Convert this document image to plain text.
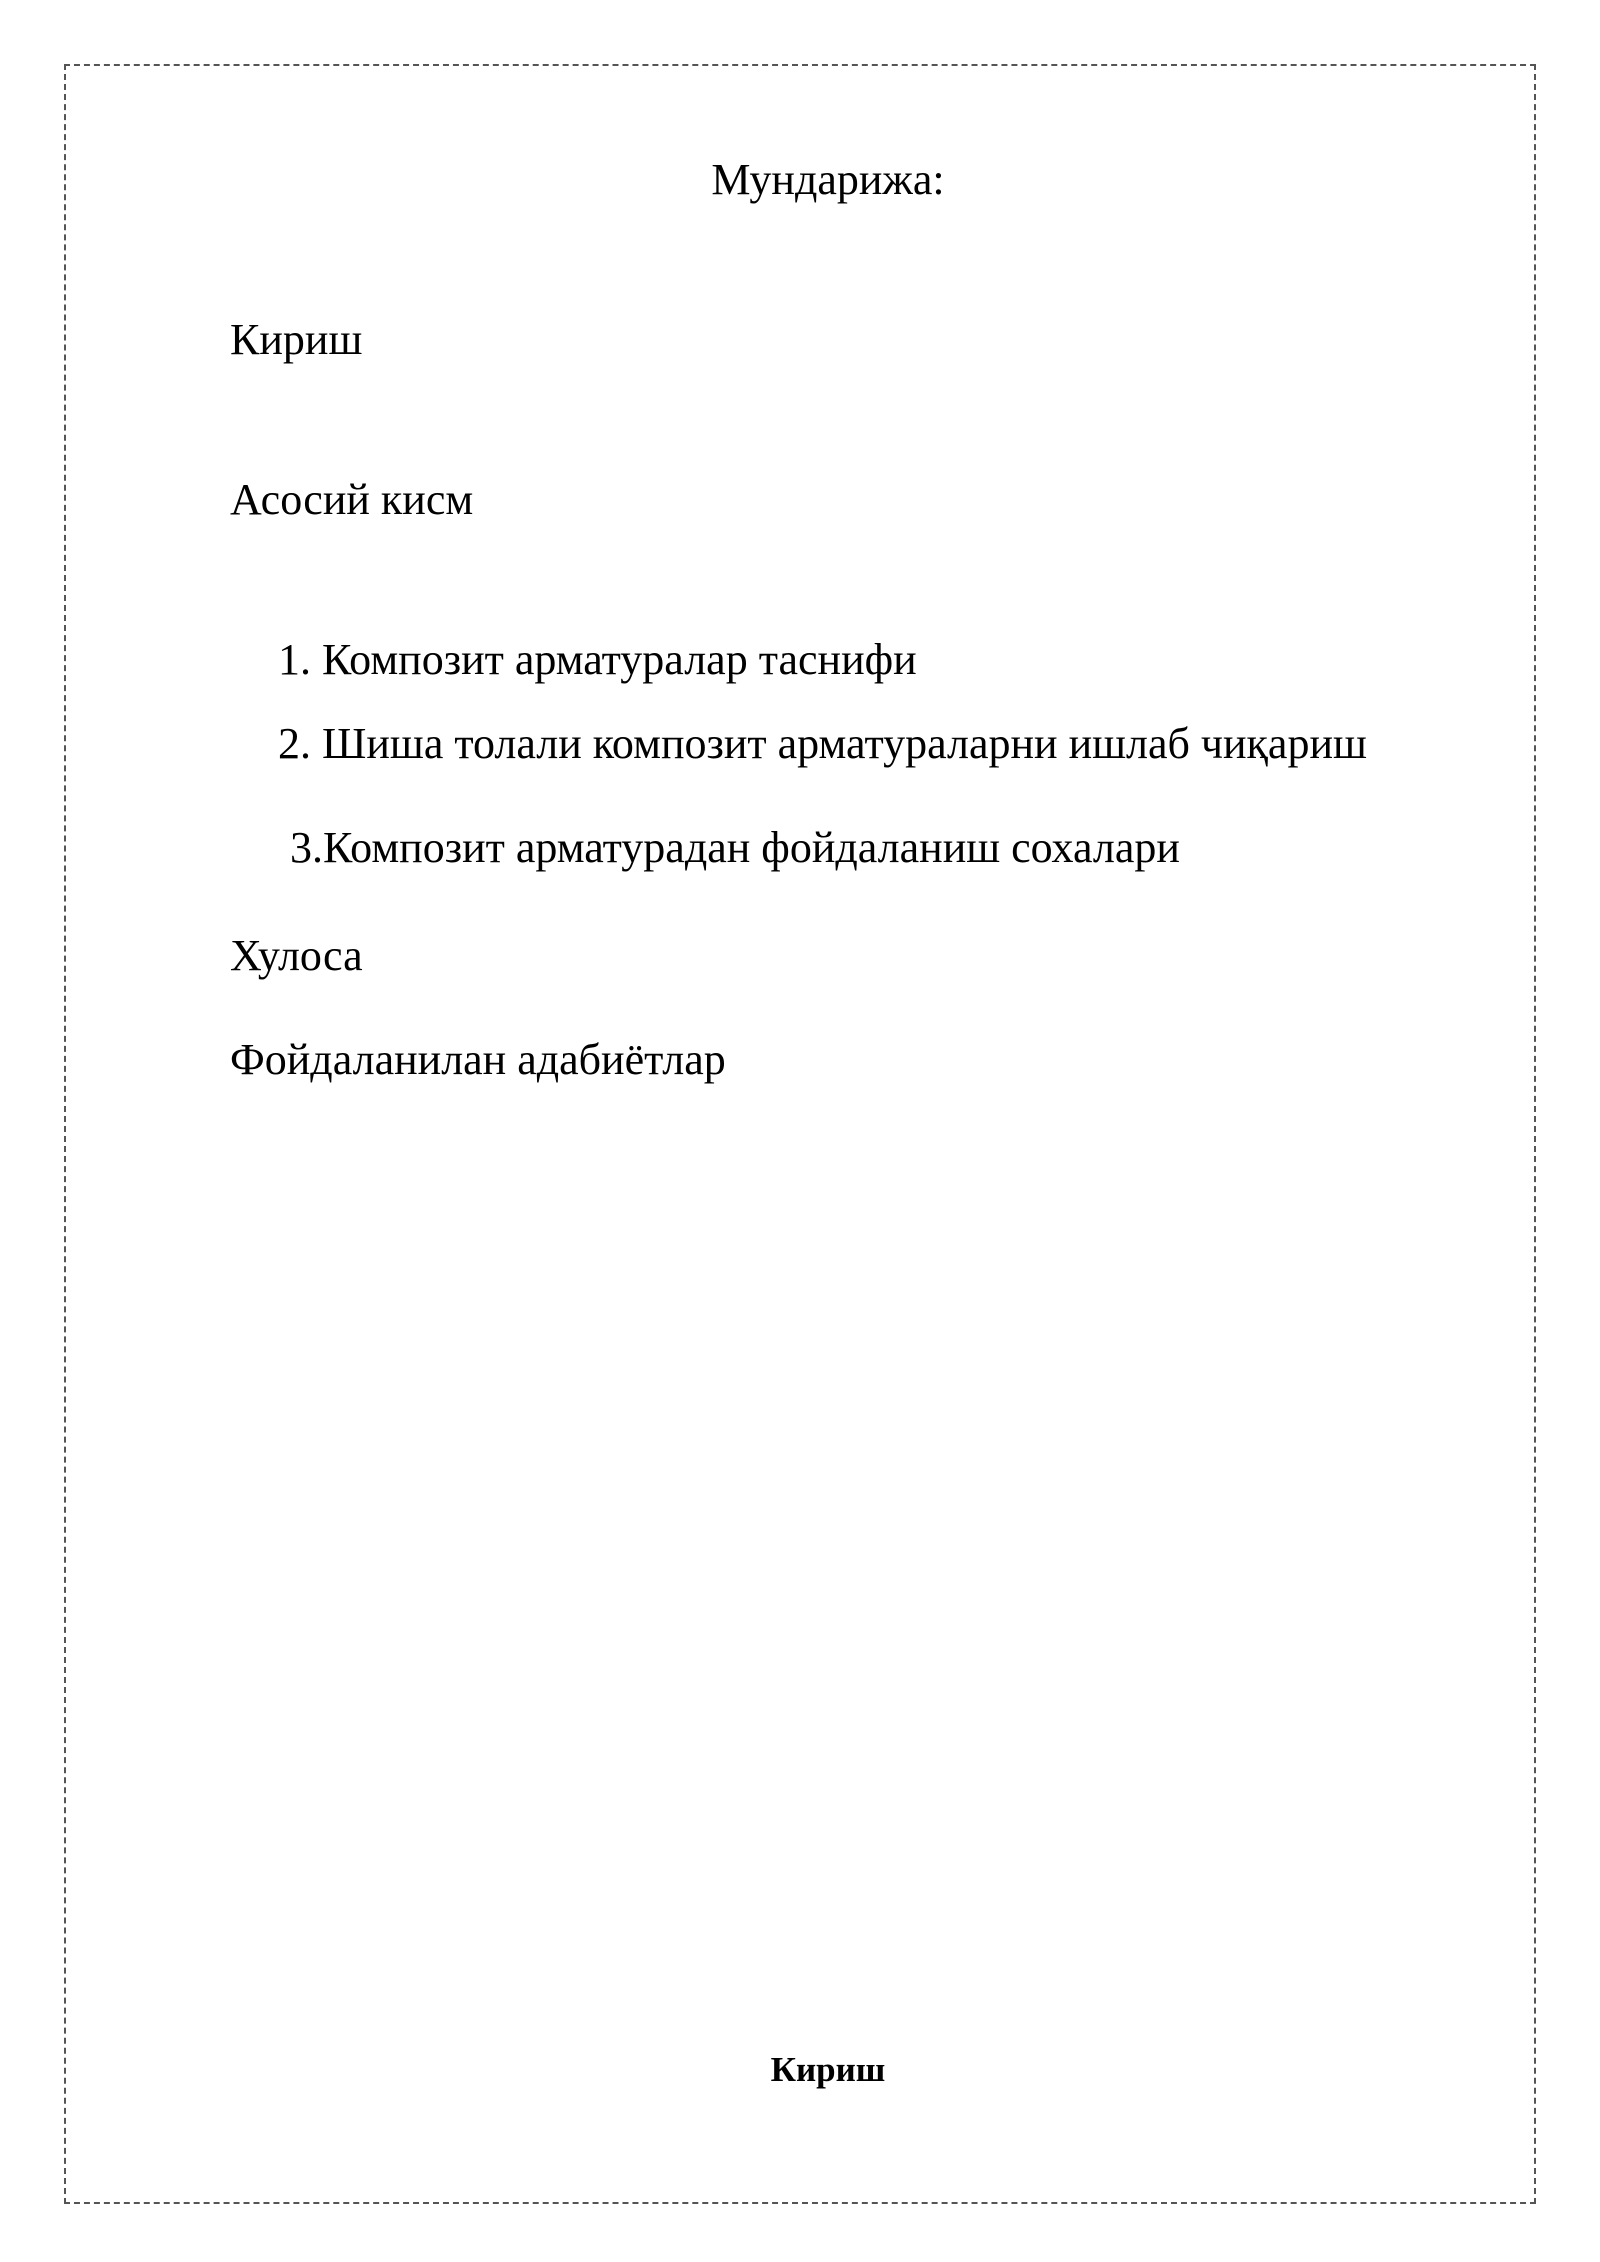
Мундарижа:

Кириш

Асосий кисм

1. Композит арматуралар таснифи

2. Шиша толали композит арматураларни ишлаб чиқариш

3.Композит арматурадан фойдаланиш сохалари

Хулоса

Фойдаланилан адабиётлар

Кириш
